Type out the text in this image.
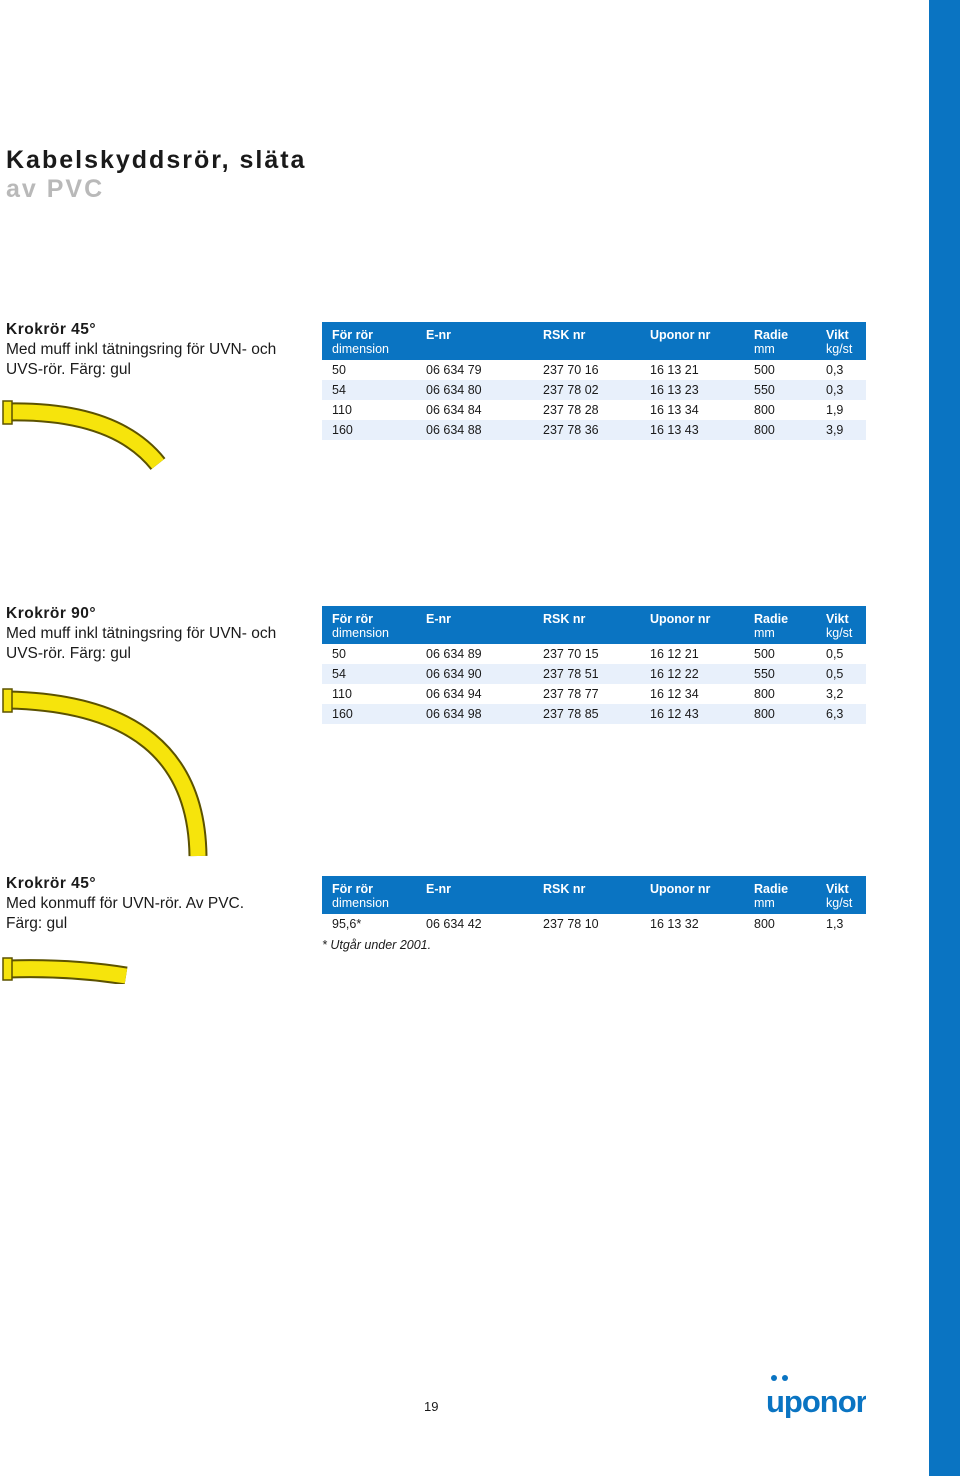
Kabelskyddsrör, släta
av PVC
Krokrör 45°
Med muff inkl tätningsring för UVN- och
UVS-rör. Färg: gul
För rör	E-nr	RSK nr	Uponor nr	Radie	Vikt
dimension				mm	kg/st
50	06 634 79	237 70 16	16 13 21	500	0,3
54	06 634 80	237 78 02	16 13 23	550	0,3
110	06 634 84	237 78 28	16 13 34	800	1,9
160	06 634 88	237 78 36	16 13 43	800	3,9
Krokrör 90°
Med muff inkl tätningsring för UVN- och
UVS-rör. Färg: gul
För rör	E-nr	RSK nr	Uponor nr	Radie	Vikt
dimension				mm	kg/st
50	06 634 89	237 70 15	16 12 21	500	0,5
54	06 634 90	237 78 51	16 12 22	550	0,5
110	06 634 94	237 78 77	16 12 34	800	3,2
160	06 634 98	237 78 85	16 12 43	800	6,3
Krokrör 45°
Med konmuff för UVN-rör. Av PVC.
Färg: gul
För rör	E-nr	RSK nr	Uponor nr	Radie	Vikt
dimension				mm	kg/st
95,6*	06 634 42	237 78 10	16 13 32	800	1,3
* Utgår under 2001.
19	uponor
